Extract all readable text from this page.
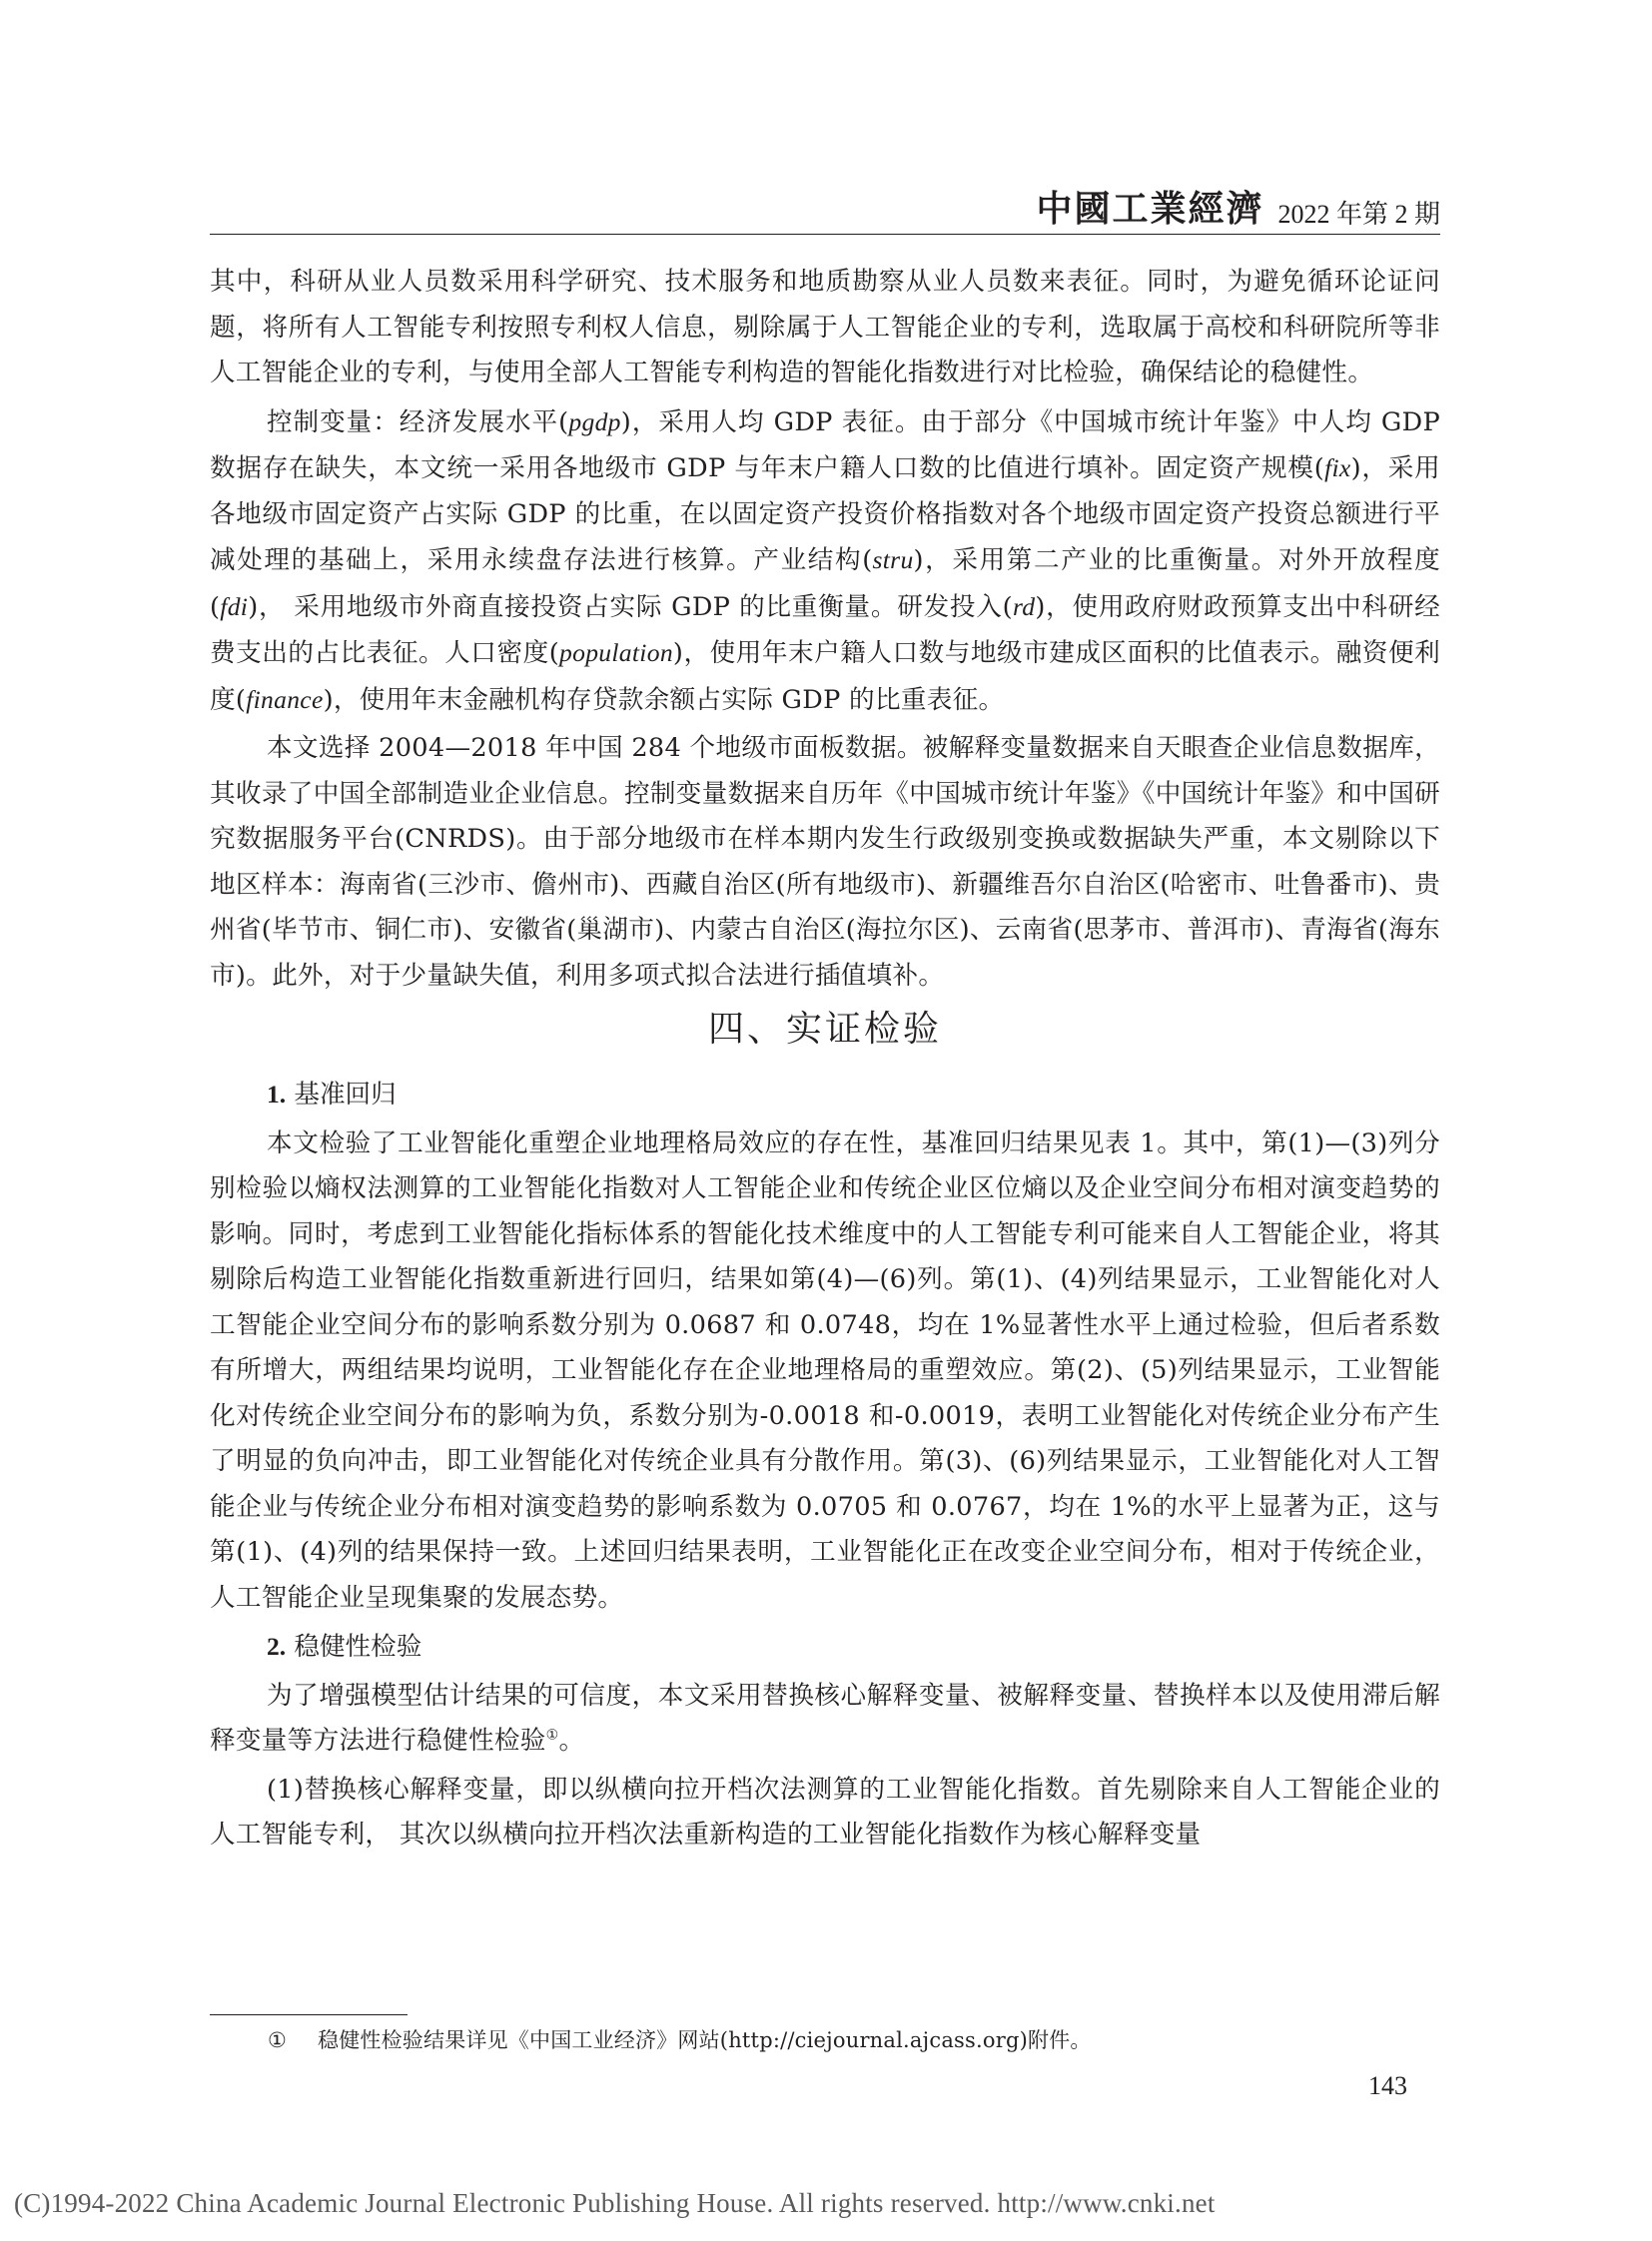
中國工業經濟 2022 年第 2 期

其中，科研从业人员数采用科学研究、技术服务和地质勘察从业人员数来表征。同时，为避免循环论证问题，将所有人工智能专利按照专利权人信息，剔除属于人工智能企业的专利，选取属于高校和科研院所等非人工智能企业的专利，与使用全部人工智能专利构造的智能化指数进行对比检验，确保结论的稳健性。

控制变量：经济发展水平(pgdp)，采用人均 GDP 表征。由于部分《中国城市统计年鉴》中人均 GDP 数据存在缺失，本文统一采用各地级市 GDP 与年末户籍人口数的比值进行填补。固定资产规模(fix)，采用各地级市固定资产占实际 GDP 的比重，在以固定资产投资价格指数对各个地级市固定资产投资总额进行平减处理的基础上，采用永续盘存法进行核算。产业结构(stru)，采用第二产业的比重衡量。对外开放程度 (fdi)， 采用地级市外商直接投资占实际 GDP 的比重衡量。研发投入(rd)，使用政府财政预算支出中科研经费支出的占比表征。人口密度(population)，使用年末户籍人口数与地级市建成区面积的比值表示。融资便利度(finance)，使用年末金融机构存贷款余额占实际 GDP 的比重表征。

本文选择 2004—2018 年中国 284 个地级市面板数据。被解释变量数据来自天眼查企业信息数据库，其收录了中国全部制造业企业信息。控制变量数据来自历年《中国城市统计年鉴》《中国统计年鉴》和中国研究数据服务平台(CNRDS)。由于部分地级市在样本期内发生行政级别变换或数据缺失严重，本文剔除以下地区样本：海南省(三沙市、儋州市)、西藏自治区(所有地级市)、新疆维吾尔自治区(哈密市、吐鲁番市)、贵州省(毕节市、铜仁市)、安徽省(巢湖市)、内蒙古自治区(海拉尔区)、云南省(思茅市、普洱市)、青海省(海东市)。此外，对于少量缺失值，利用多项式拟合法进行插值填补。

四、实证检验
1. 基准回归

本文检验了工业智能化重塑企业地理格局效应的存在性，基准回归结果见表 1。其中，第(1)—(3)列分别检验以熵权法测算的工业智能化指数对人工智能企业和传统企业区位熵以及企业空间分布相对演变趋势的影响。同时，考虑到工业智能化指标体系的智能化技术维度中的人工智能专利可能来自人工智能企业，将其剔除后构造工业智能化指数重新进行回归，结果如第(4)—(6)列。第(1)、(4)列结果显示，工业智能化对人工智能企业空间分布的影响系数分别为 0.0687 和 0.0748，均在 1%显著性水平上通过检验，但后者系数有所增大，两组结果均说明，工业智能化存在企业地理格局的重塑效应。第(2)、(5)列结果显示，工业智能化对传统企业空间分布的影响为负，系数分别为-0.0018 和-0.0019，表明工业智能化对传统企业分布产生了明显的负向冲击，即工业智能化对传统企业具有分散作用。第(3)、(6)列结果显示，工业智能化对人工智能企业与传统企业分布相对演变趋势的影响系数为 0.0705 和 0.0767，均在 1%的水平上显著为正，这与第(1)、(4)列的结果保持一致。上述回归结果表明，工业智能化正在改变企业空间分布，相对于传统企业，人工智能企业呈现集聚的发展态势。

2. 稳健性检验

为了增强模型估计结果的可信度，本文采用替换核心解释变量、被解释变量、替换样本以及使用滞后解释变量等方法进行稳健性检验①。

(1)替换核心解释变量，即以纵横向拉开档次法测算的工业智能化指数。首先剔除来自人工智能企业的人工智能专利， 其次以纵横向拉开档次法重新构造的工业智能化指数作为核心解释变量

① 稳健性检验结果详见《中国工业经济》网站(http://ciejournal.ajcass.org)附件。
143
(C)1994-2022 China Academic Journal Electronic Publishing House. All rights reserved. http://www.cnki.net
